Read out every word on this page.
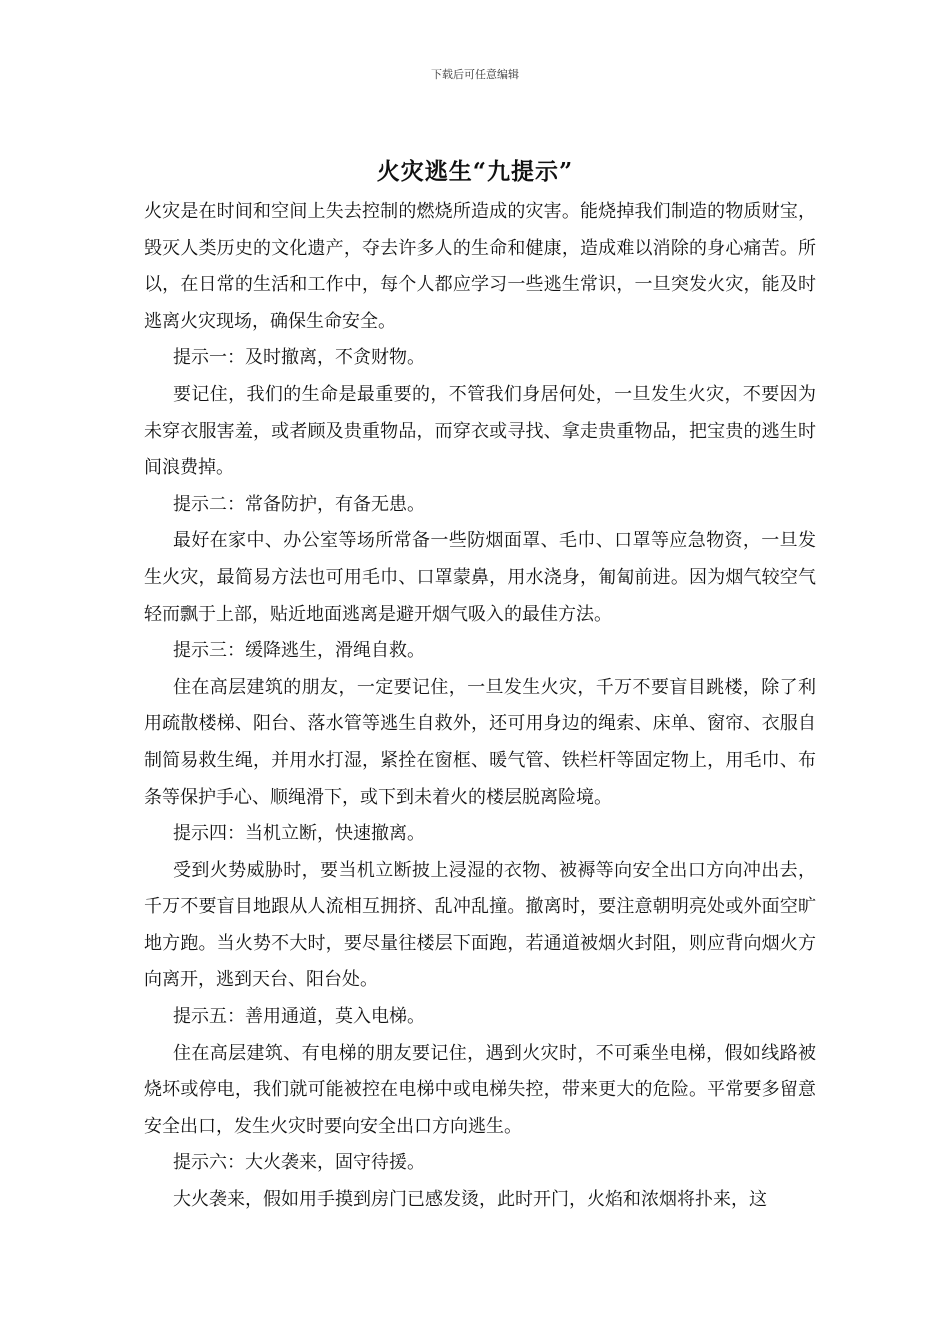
下载后可任意编辑
火灾逃生“九提示”

火灾是在时间和空间上失去控制的燃烧所造成的灾害。能烧掉我们制造的物质财宝，毁灭人类历史的文化遗产，夺去许多人的生命和健康，造成难以消除的身心痛苦。所以，在日常的生活和工作中，每个人都应学习一些逃生常识，一旦突发火灾，能及时逃离火灾现场，确保生命安全。

提示一：及时撤离，不贪财物。

要记住，我们的生命是最重要的，不管我们身居何处，一旦发生火灾，不要因为未穿衣服害羞，或者顾及贵重物品，而穿衣或寻找、拿走贵重物品，把宝贵的逃生时间浪费掉。

提示二：常备防护，有备无患。

最好在家中、办公室等场所常备一些防烟面罩、毛巾、口罩等应急物资，一旦发生火灾，最简易方法也可用毛巾、口罩蒙鼻，用水浇身，匍匐前进。因为烟气较空气轻而飘于上部，贴近地面逃离是避开烟气吸入的最佳方法。

提示三：缓降逃生，滑绳自救。

住在高层建筑的朋友，一定要记住，一旦发生火灾，千万不要盲目跳楼，除了利用疏散楼梯、阳台、落水管等逃生自救外，还可用身边的绳索、床单、窗帘、衣服自制简易救生绳，并用水打湿，紧拴在窗框、暖气管、铁栏杆等固定物上，用毛巾、布条等保护手心、顺绳滑下，或下到未着火的楼层脱离险境。

提示四：当机立断，快速撤离。

受到火势威胁时，要当机立断披上浸湿的衣物、被褥等向安全出口方向冲出去，千万不要盲目地跟从人流相互拥挤、乱冲乱撞。撤离时，要注意朝明亮处或外面空旷地方跑。当火势不大时，要尽量往楼层下面跑，若通道被烟火封阻，则应背向烟火方向离开，逃到天台、阳台处。

提示五：善用通道，莫入电梯。

住在高层建筑、有电梯的朋友要记住，遇到火灾时，不可乘坐电梯，假如线路被烧坏或停电，我们就可能被控在电梯中或电梯失控，带来更大的危险。平常要多留意安全出口，发生火灾时要向安全出口方向逃生。

提示六：大火袭来，固守待援。

大火袭来，假如用手摸到房门已感发烫，此时开门，火焰和浓烟将扑来，这
